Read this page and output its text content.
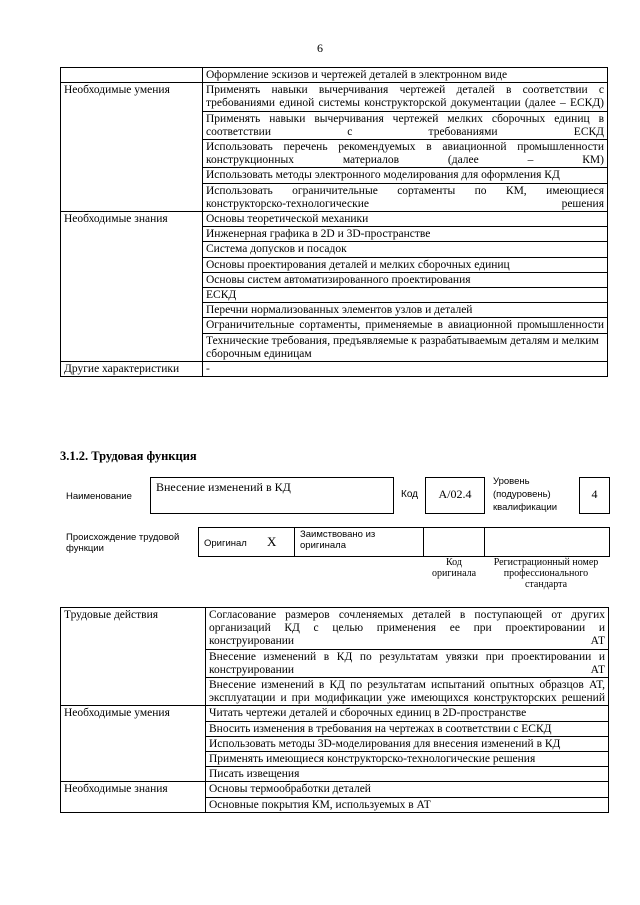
6
	Оформление эскизов и чертежей деталей в электронном виде
Необходимые умения	Применять навыки вычерчивания чертежей деталей в соответствии с требованиями единой системы конструкторской документации (далее – ЕСКД)
	Применять навыки вычерчивания чертежей мелких сборочных единиц в соответствии с требованиями ЕСКД
	Использовать перечень рекомендуемых в авиационной промышленности конструкционных материалов (далее – КМ)
	Использовать методы электронного моделирования для оформления КД
	Использовать ограничительные сортаменты по КМ, имеющиеся конструкторско-технологические решения
Необходимые знания	Основы теоретической механики
	Инженерная графика в 2D и 3D-пространстве
	Система допусков и посадок
	Основы проектирования деталей и мелких сборочных единиц
	Основы систем автоматизированного проектирования
	ЕСКД
	Перечни нормализованных элементов узлов и деталей
	Ограничительные сортаменты, применяемые в авиационной промышленности
	Технические требования, предъявляемые к разрабатываемым деталям и мелким сборочным единицам
Другие характеристики	-
3.1.2. Трудовая функция
Наименование
Внесение изменений в КД
Код	А/02.4
Уровень (подуровень) квалификации
4
Происхождение трудовой функции	Оригинал X Заимствовано из оригинала
Код оригинала
Регистрационный номер профессионального стандарта
Трудовые действия	Согласование размеров сочленяемых деталей в поступающей от других организаций КД с целью применения ее при проектировании и конструировании АТ
	Внесение изменений в КД по результатам увязки при проектировании и конструировании АТ
	Внесение изменений в КД по результатам испытаний опытных образцов АТ, эксплуатации и при модификации уже имеющихся конструкторских решений
Необходимые умения	Читать чертежи деталей и сборочных единиц в 2D-пространстве
	Вносить изменения в требования на чертежах в соответствии с ЕСКД
	Использовать методы 3D-моделирования для внесения изменений в КД
	Применять имеющиеся конструкторско-технологические решения
	Писать извещения
Необходимые знания	Основы термообработки деталей
	Основные покрытия КМ, используемых в АТ
